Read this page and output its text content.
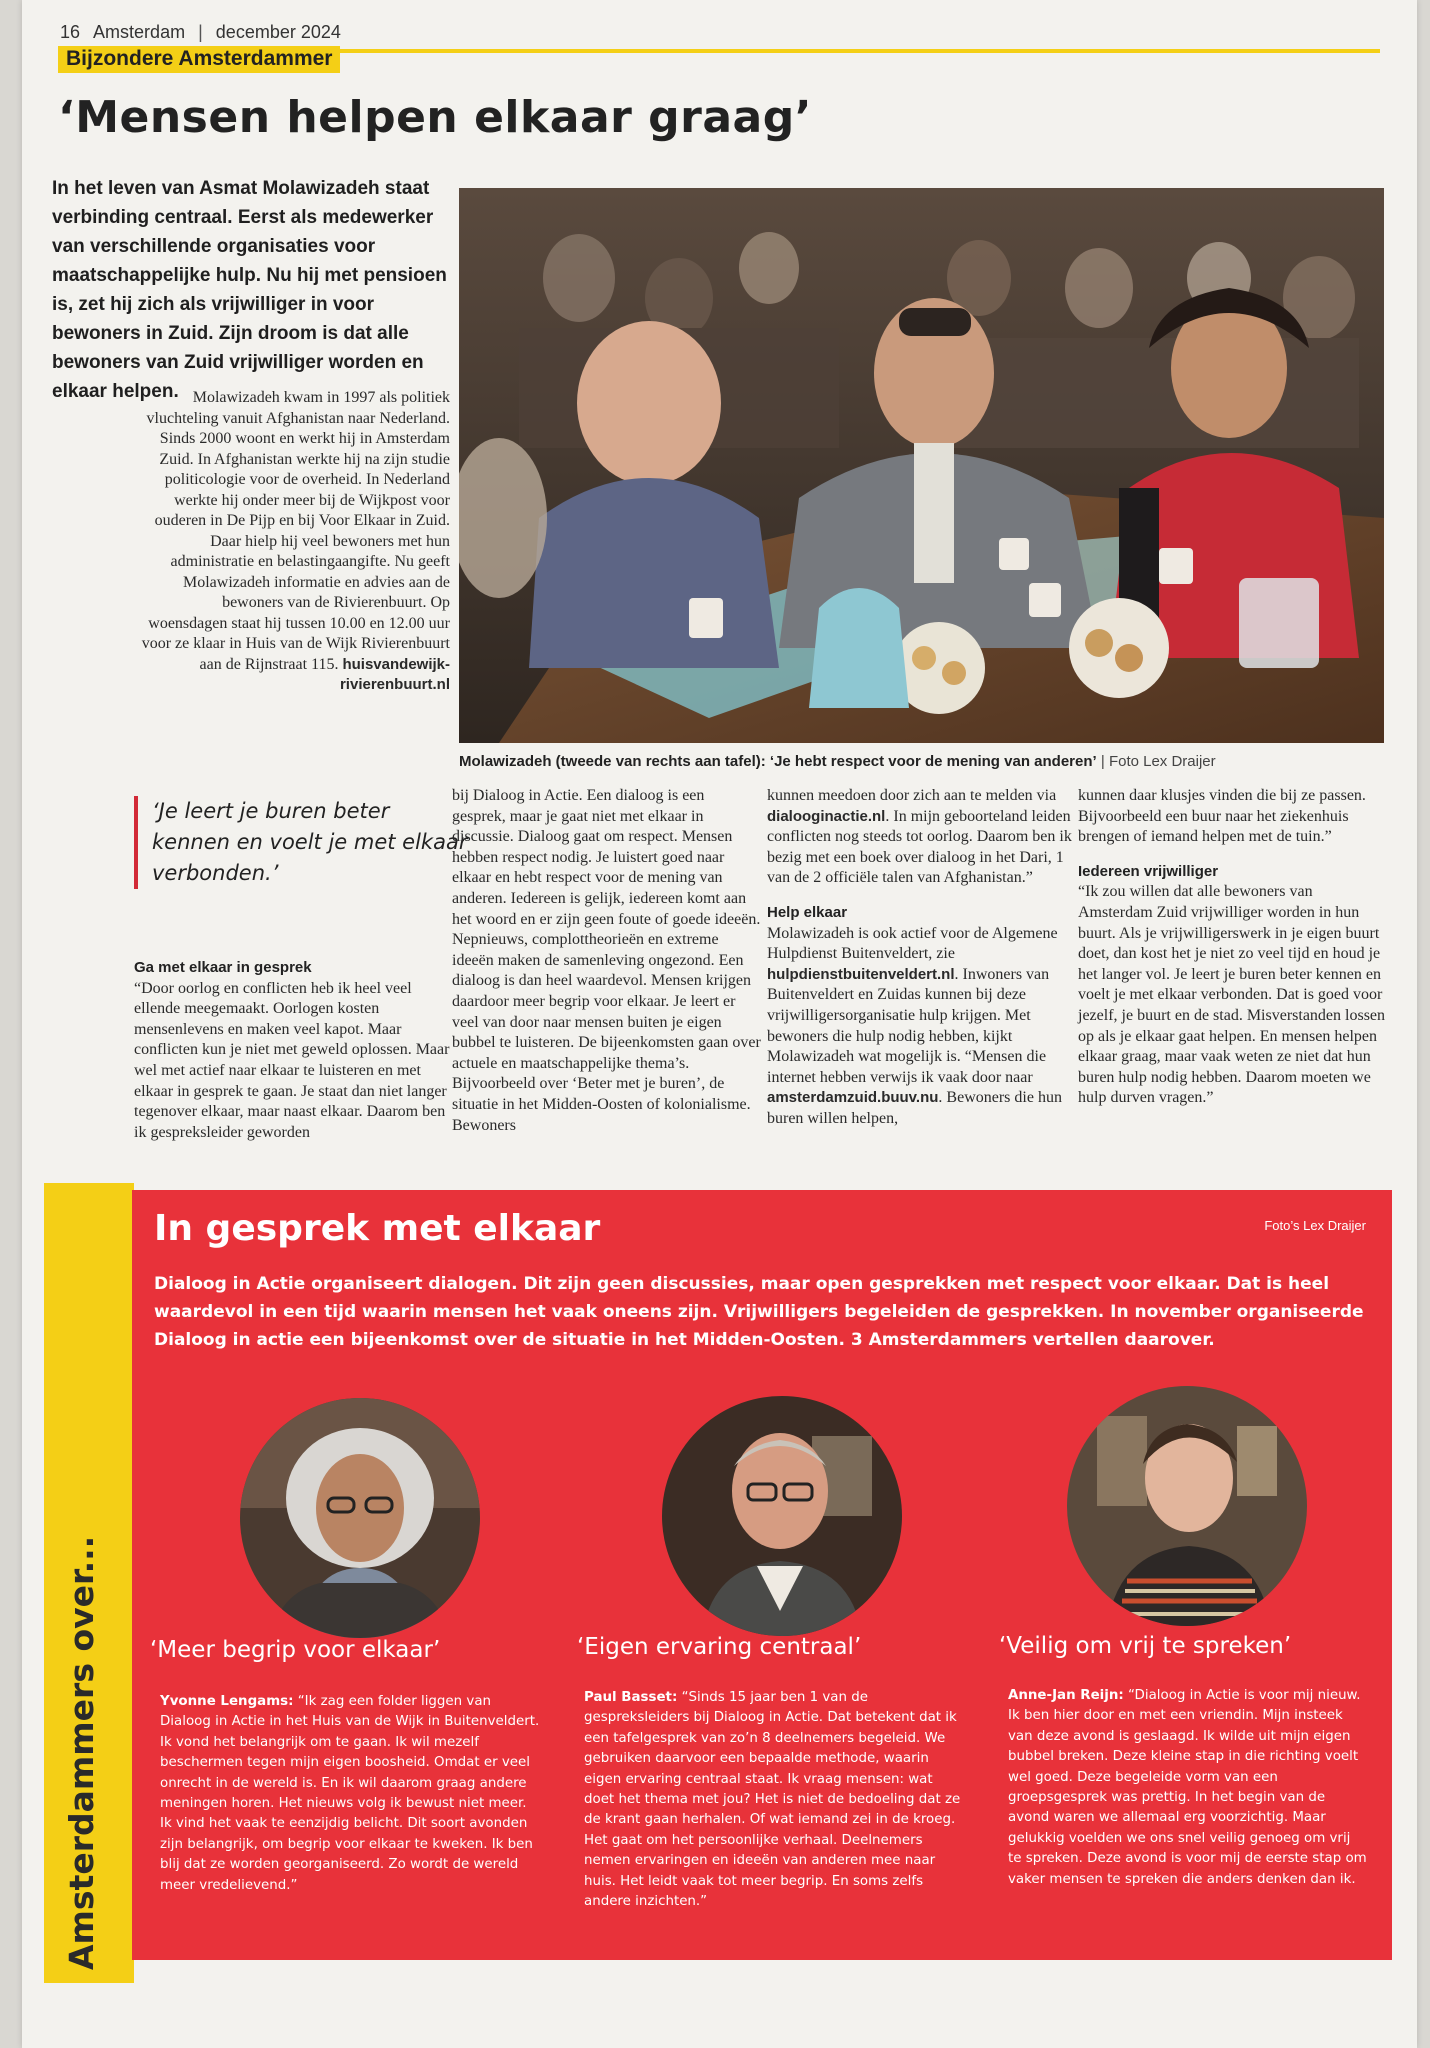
16 Amsterdam | december 2024
Bijzondere Amsterdammer
‘Mensen helpen elkaar graag’
In het leven van Asmat Molawizadeh staat verbinding centraal. Eerst als medewerker van verschillende organisaties voor maatschappelijke hulp. Nu hij met pensioen is, zet hij zich als vrijwilliger in voor bewoners in Zuid. Zijn droom is dat alle bewoners van Zuid vrijwilliger worden en elkaar helpen. Molawizadeh kwam in 1997 als politiek vluchteling vanuit Afghanistan naar Nederland. Sinds 2000 woont en werkt hij in Amsterdam Zuid. In Afghanistan werkte hij na zijn studie politicologie voor de overheid. In Nederland werkte hij onder meer bij de Wijkpost voor ouderen in De Pijp en bij Voor Elkaar in Zuid. Daar hielp hij veel bewoners met hun administratie en belastingaangifte. Nu geeft Molawizadeh informatie en advies aan de bewoners van de Rivierenbuurt. Op woensdagen staat hij tussen 10.00 en 12.00 uur voor ze klaar in Huis van de Wijk Rivierenbuurt aan de Rijnstraat 115. huisvandewijk-rivierenbuurt.nl
Molawizadeh (tweede van rechts aan tafel): ‘Je hebt respect voor de mening van anderen’ | Foto Lex Draijer
‘Je leert je buren beter kennen en voelt je met elkaar verbonden.’
Ga met elkaar in gesprek

“Door oorlog en conflicten heb ik heel veel ellende meegemaakt. Oorlogen kosten mensenlevens en maken veel kapot. Maar conflicten kun je niet met geweld oplossen. Maar wel met actief naar elkaar te luisteren en met elkaar in gesprek te gaan. Je staat dan niet langer tegenover elkaar, maar naast elkaar. Daarom ben ik gespreksleider geworden

bij Dialoog in Actie. Een dialoog is een gesprek, maar je gaat niet met elkaar in discussie. Dialoog gaat om respect. Mensen hebben respect nodig. Je luistert goed naar elkaar en hebt respect voor de mening van anderen. Iedereen is gelijk, iedereen komt aan het woord en er zijn geen foute of goede ideeën. Nepnieuws, complottheorieën en extreme ideeën maken de samenleving ongezond. Een dialoog is dan heel waardevol. Mensen krijgen daardoor meer begrip voor elkaar. Je leert er veel van door naar mensen buiten je eigen bubbel te luisteren. De bijeenkomsten gaan over actuele en maatschappelijke thema’s. Bijvoorbeeld over ‘Beter met je buren’, de situatie in het Midden-Oosten of kolonialisme. Bewoners

kunnen meedoen door zich aan te melden via dialooginactie.nl. In mijn geboorteland leiden conflicten nog steeds tot oorlog. Daarom ben ik bezig met een boek over dialoog in het Dari, 1 van de 2 officiële talen van Afghanistan.”

Help elkaar

Molawizadeh is ook actief voor de Algemene Hulpdienst Buitenveldert, zie hulpdienstbuitenveldert.nl. Inwoners van Buitenveldert en Zuidas kunnen bij deze vrijwilligersorganisatie hulp krijgen. Met bewoners die hulp nodig hebben, kijkt Molawizadeh wat mogelijk is. “Mensen die internet hebben verwijs ik vaak door naar amsterdamzuid.buuv.nu. Bewoners die hun buren willen helpen,

kunnen daar klusjes vinden die bij ze passen. Bijvoorbeeld een buur naar het ziekenhuis brengen of iemand helpen met de tuin.”

Iedereen vrijwilliger

“Ik zou willen dat alle bewoners van Amsterdam Zuid vrijwilliger worden in hun buurt. Als je vrijwilligerswerk in je eigen buurt doet, dan kost het je niet zo veel tijd en houd je het langer vol. Je leert je buren beter kennen en voelt je met elkaar verbonden. Dat is goed voor jezelf, je buurt en de stad. Misverstanden lossen op als je elkaar gaat helpen. En mensen helpen elkaar graag, maar vaak weten ze niet dat hun buren hulp nodig hebben. Daarom moeten we hulp durven vragen.”

Amsterdammers over...
In gesprek met elkaar	Foto’s Lex Draijer
Dialoog in Actie organiseert dialogen. Dit zijn geen discussies, maar open gesprekken met respect voor elkaar. Dat is heel waardevol in een tijd waarin mensen het vaak oneens zijn. Vrijwilligers begeleiden de gesprekken. In november organiseerde Dialoog in actie een bijeenkomst over de situatie in het Midden-Oosten. 3 Amsterdammers vertellen daarover.
‘Meer begrip voor elkaar’	‘Eigen ervaring centraal’	‘Veilig om vrij te spreken’
Yvonne Lengams: “Ik zag een folder liggen van Dialoog in Actie in het Huis van de Wijk in Buitenveldert. Ik vond het belangrijk om te gaan. Ik wil mezelf beschermen tegen mijn eigen boosheid. Omdat er veel onrecht in de wereld is. En ik wil daarom graag andere meningen horen. Het nieuws volg ik bewust niet meer. Ik vind het vaak te eenzijdig belicht. Dit soort avonden zijn belangrijk, om begrip voor elkaar te kweken. Ik ben blij dat ze worden georganiseerd. Zo wordt de wereld meer vredelievend.”
Paul Basset: “Sinds 15 jaar ben 1 van de gespreksleiders bij Dialoog in Actie. Dat betekent dat ik een tafelgesprek van zo’n 8 deelnemers begeleid. We gebruiken daarvoor een bepaalde methode, waarin eigen ervaring centraal staat. Ik vraag mensen: wat doet het thema met jou? Het is niet de bedoeling dat ze de krant gaan herhalen. Of wat iemand zei in de kroeg. Het gaat om het persoonlijke verhaal. Deelnemers nemen ervaringen en ideeën van anderen mee naar huis. Het leidt vaak tot meer begrip. En soms zelfs andere inzichten.”
Anne-Jan Reijn: “Dialoog in Actie is voor mij nieuw. Ik ben hier door en met een vriendin. Mijn insteek van deze avond is geslaagd. Ik wilde uit mijn eigen bubbel breken. Deze kleine stap in die richting voelt wel goed. Deze begeleide vorm van een groepsgesprek was prettig. In het begin van de avond waren we allemaal erg voorzichtig. Maar gelukkig voelden we ons snel veilig genoeg om vrij te spreken. Deze avond is voor mij de eerste stap om vaker mensen te spreken die anders denken dan ik.
